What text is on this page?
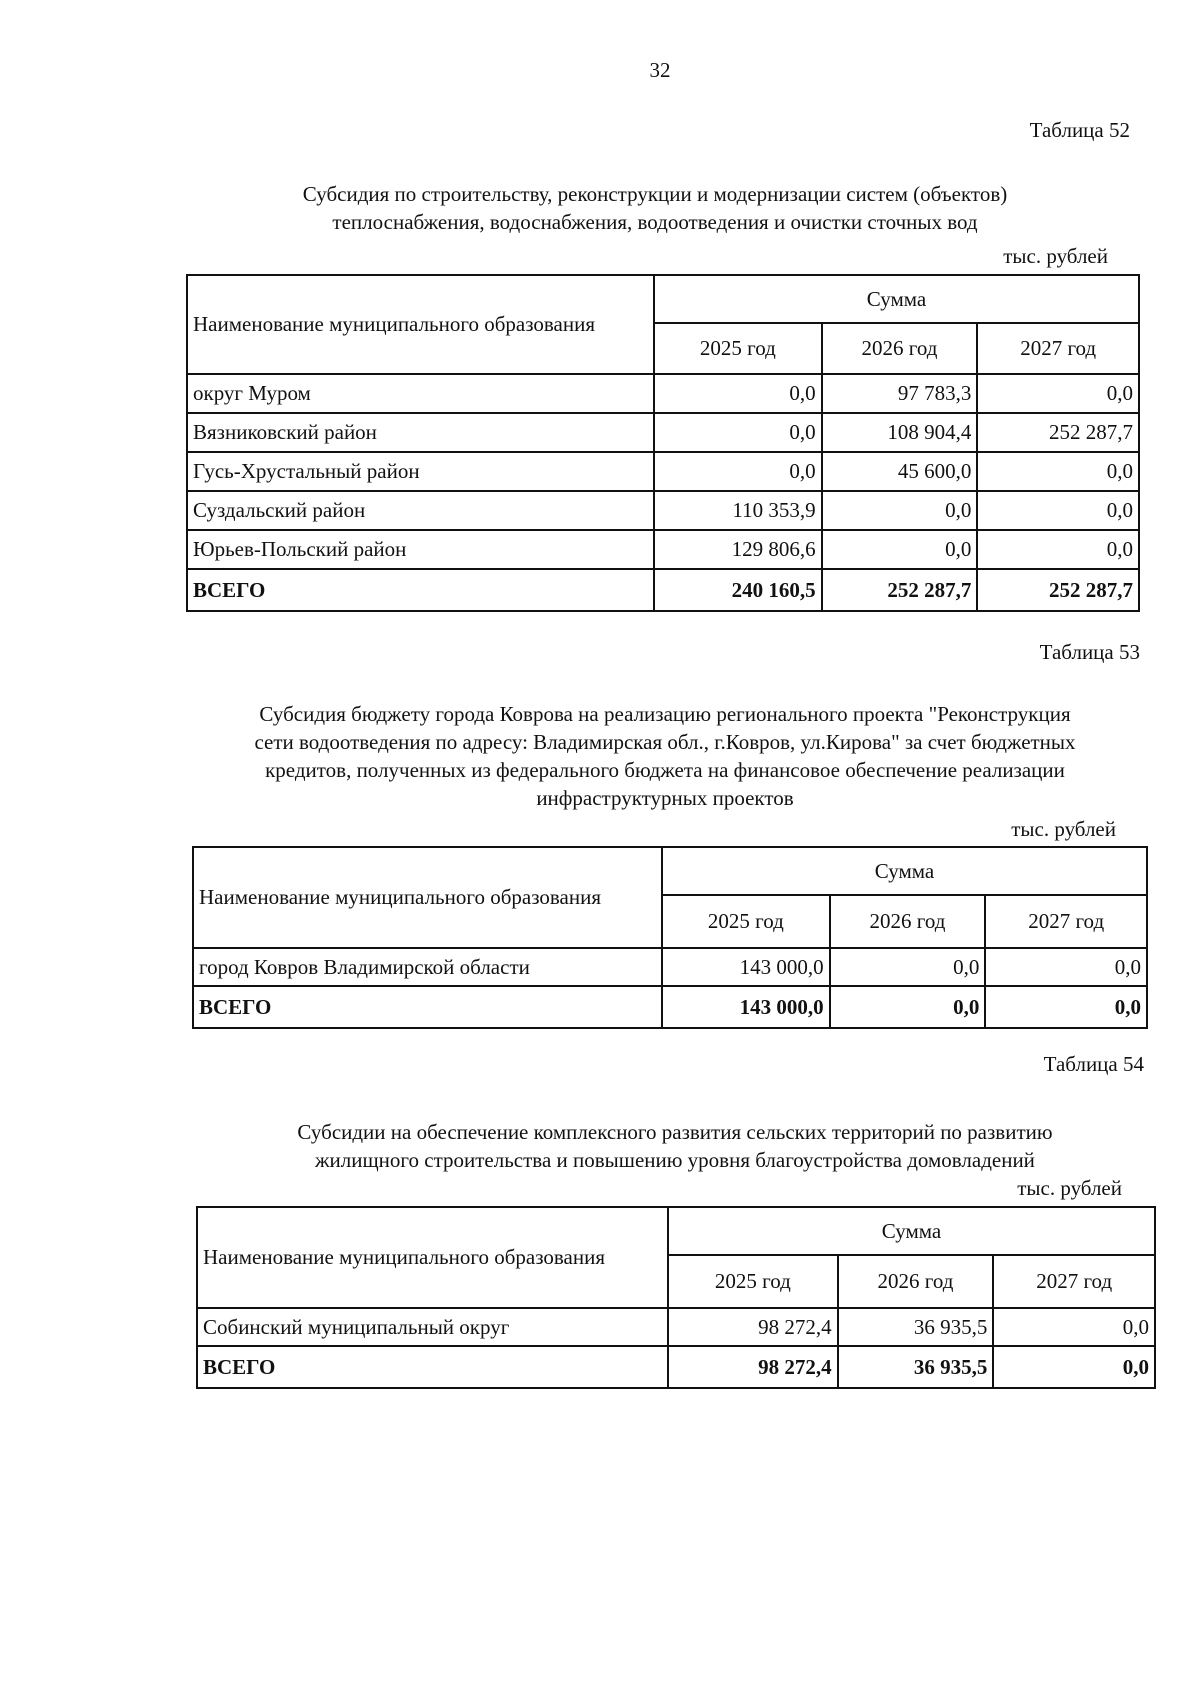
32
Таблица 52
Субсидия по строительству, реконструкции и модернизации систем (объектов)
теплоснабжения, водоснабжения, водоотведения и очистки сточных вод
тыс. рублей
Наименование муниципального образования	Сумма		
	2025 год	2026 год	2027 год
округ Муром	0,0	97 783,3	0,0
Вязниковский район	0,0	108 904,4	252 287,7
Гусь-Хрустальный район	0,0	45 600,0	0,0
Суздальский район	110 353,9	0,0	0,0
Юрьев-Польский район	129 806,6	0,0	0,0
ВСЕГО	240 160,5	252 287,7	252 287,7
Таблица 53
Субсидия бюджету города Коврова на реализацию регионального проекта "Реконструкция
сети водоотведения по адресу: Владимирская обл., г.Ковров, ул.Кирова" за счет бюджетных
кредитов, полученных из федерального бюджета на финансовое обеспечение реализации
инфраструктурных проектов
тыс. рублей
Наименование муниципального образования	Сумма		
	2025 год	2026 год	2027 год
город Ковров Владимирской области	143 000,0	0,0	0,0
ВСЕГО	143 000,0	0,0	0,0
Таблица 54
Субсидии на обеспечение комплексного развития сельских территорий по развитию
жилищного строительства и повышению уровня благоустройства домовладений
тыс. рублей
Наименование муниципального образования	Сумма		
	2025 год	2026 год	2027 год
Собинский муниципальный округ	98 272,4	36 935,5	0,0
ВСЕГО	98 272,4	36 935,5	0,0
